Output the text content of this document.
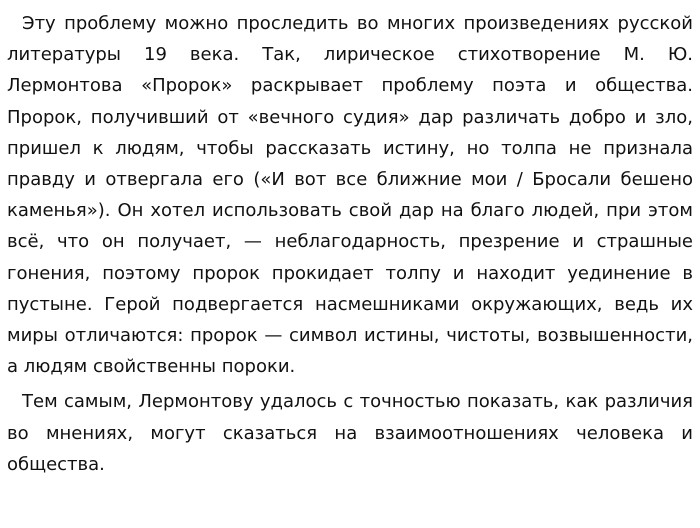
Эту проблему можно проследить во многих произведениях русской литературы 19 века. Так, лирическое стихотворение М. Ю. Лермонтова «Пророк» раскрывает проблему поэта и общества. Пророк, получивший от «вечного судия» дар различать добро и зло, пришел к людям, чтобы рассказать истину, но толпа не признала правду и отвергала его («И вот все ближние мои / Бросали бешено каменья»). Он хотел использовать свой дар на благо людей, при этом всё, что он получает, — неблагодарность, презрение и страшные гонения, поэтому пророк прокидает толпу и находит уединение в пустыне. Герой подвергается насмешниками окружающих, ведь их миры отличаются: пророк — символ истины, чистоты, возвышенности, а людям свойственны пороки.

Тем самым, Лермонтову удалось с точностью показать, как различия во мнениях, могут сказаться на взаимоотношениях человека и общества.
